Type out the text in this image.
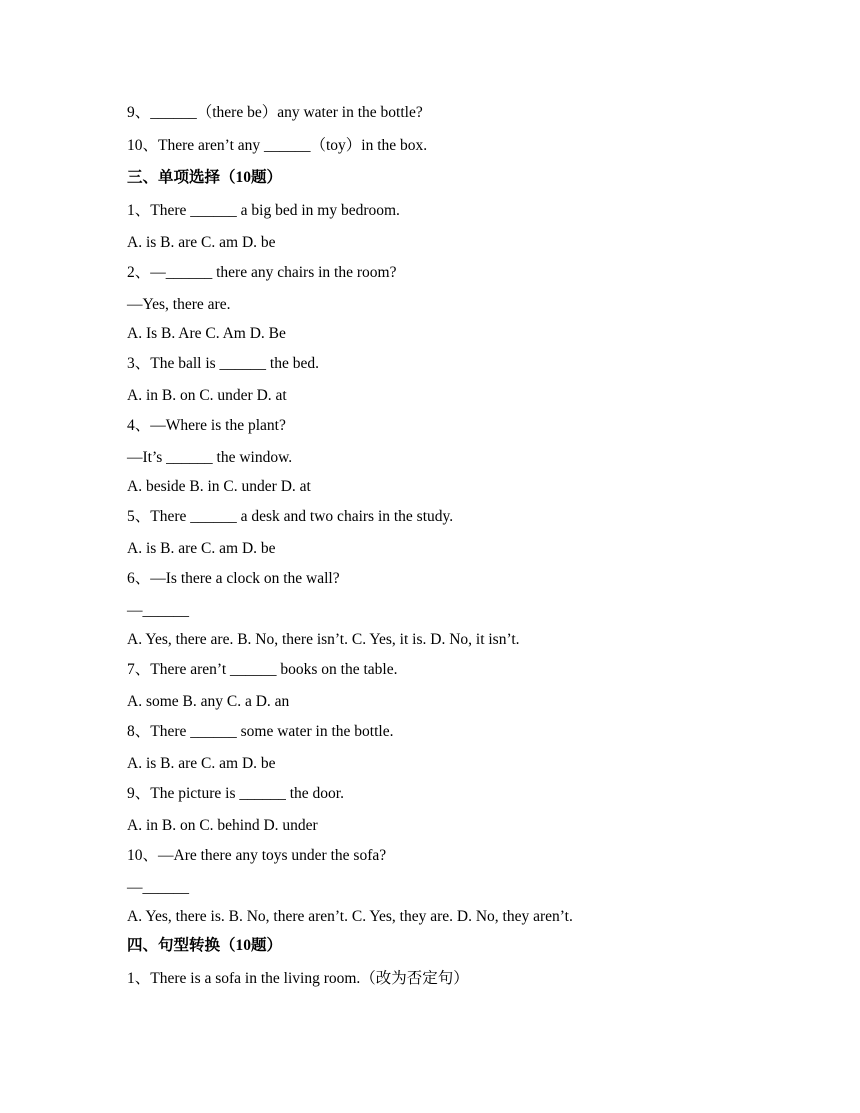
9、______（there be）any water in the bottle?
10、There aren’t any ______（toy）in the box.
三、单项选择（10题）
1、There ______ a big bed in my bedroom.
A. is B. are C. am D. be
2、—______ there any chairs in the room?
—Yes, there are.
A. Is B. Are C. Am D. Be
3、The ball is ______ the bed.
A. in B. on C. under D. at
4、—Where is the plant?
—It’s ______ the window.
A. beside B. in C. under D. at
5、There ______ a desk and two chairs in the study.
A. is B. are C. am D. be
6、—Is there a clock on the wall?
—______
A. Yes, there are. B. No, there isn’t. C. Yes, it is. D. No, it isn’t.
7、There aren’t ______ books on the table.
A. some B. any C. a D. an
8、There ______ some water in the bottle.
A. is B. are C. am D. be
9、The picture is ______ the door.
A. in B. on C. behind D. under
10、—Are there any toys under the sofa?
—______
A. Yes, there is. B. No, there aren’t. C. Yes, they are. D. No, they aren’t.
四、句型转换（10题）
1、There is a sofa in the living room.（改为否定句）
